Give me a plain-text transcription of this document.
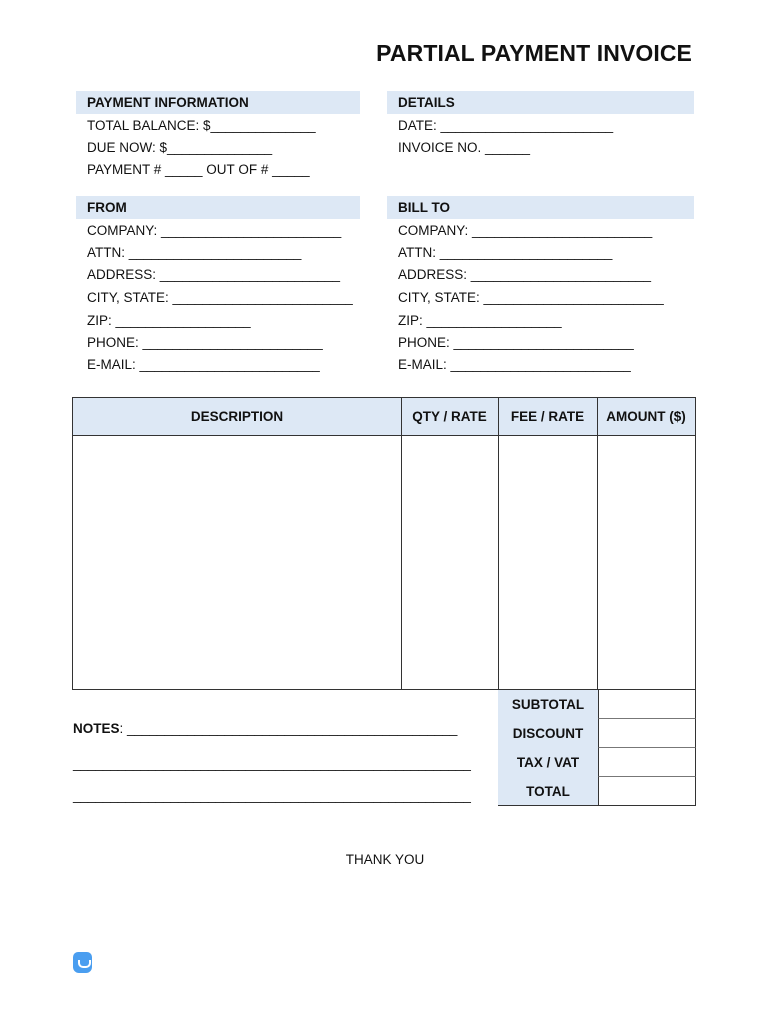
PARTIAL PAYMENT INVOICE
PAYMENT INFORMATION	DETAILS
TOTAL BALANCE: $______________
DUE NOW: $______________
PAYMENT # _____ OUT OF # _____
DATE: _______________________
INVOICE NO. ______
FROM	BILL TO
COMPANY: ________________________
ATTN: _______________________
ADDRESS: ________________________
CITY, STATE: ________________________
ZIP: __________________
PHONE: ________________________
E-MAIL: ________________________
COMPANY: ________________________
ATTN: _______________________
ADDRESS: ________________________
CITY, STATE: ________________________
ZIP: __________________
PHONE: ________________________
E-MAIL: ________________________
DESCRIPTION	QTY / RATE	FEE / RATE	AMOUNT ($)
SUBTOTAL
DISCOUNT
TAX / VAT
TOTAL
NOTES: ____________________________________________
_____________________________________________________
_____________________________________________________
THANK YOU
